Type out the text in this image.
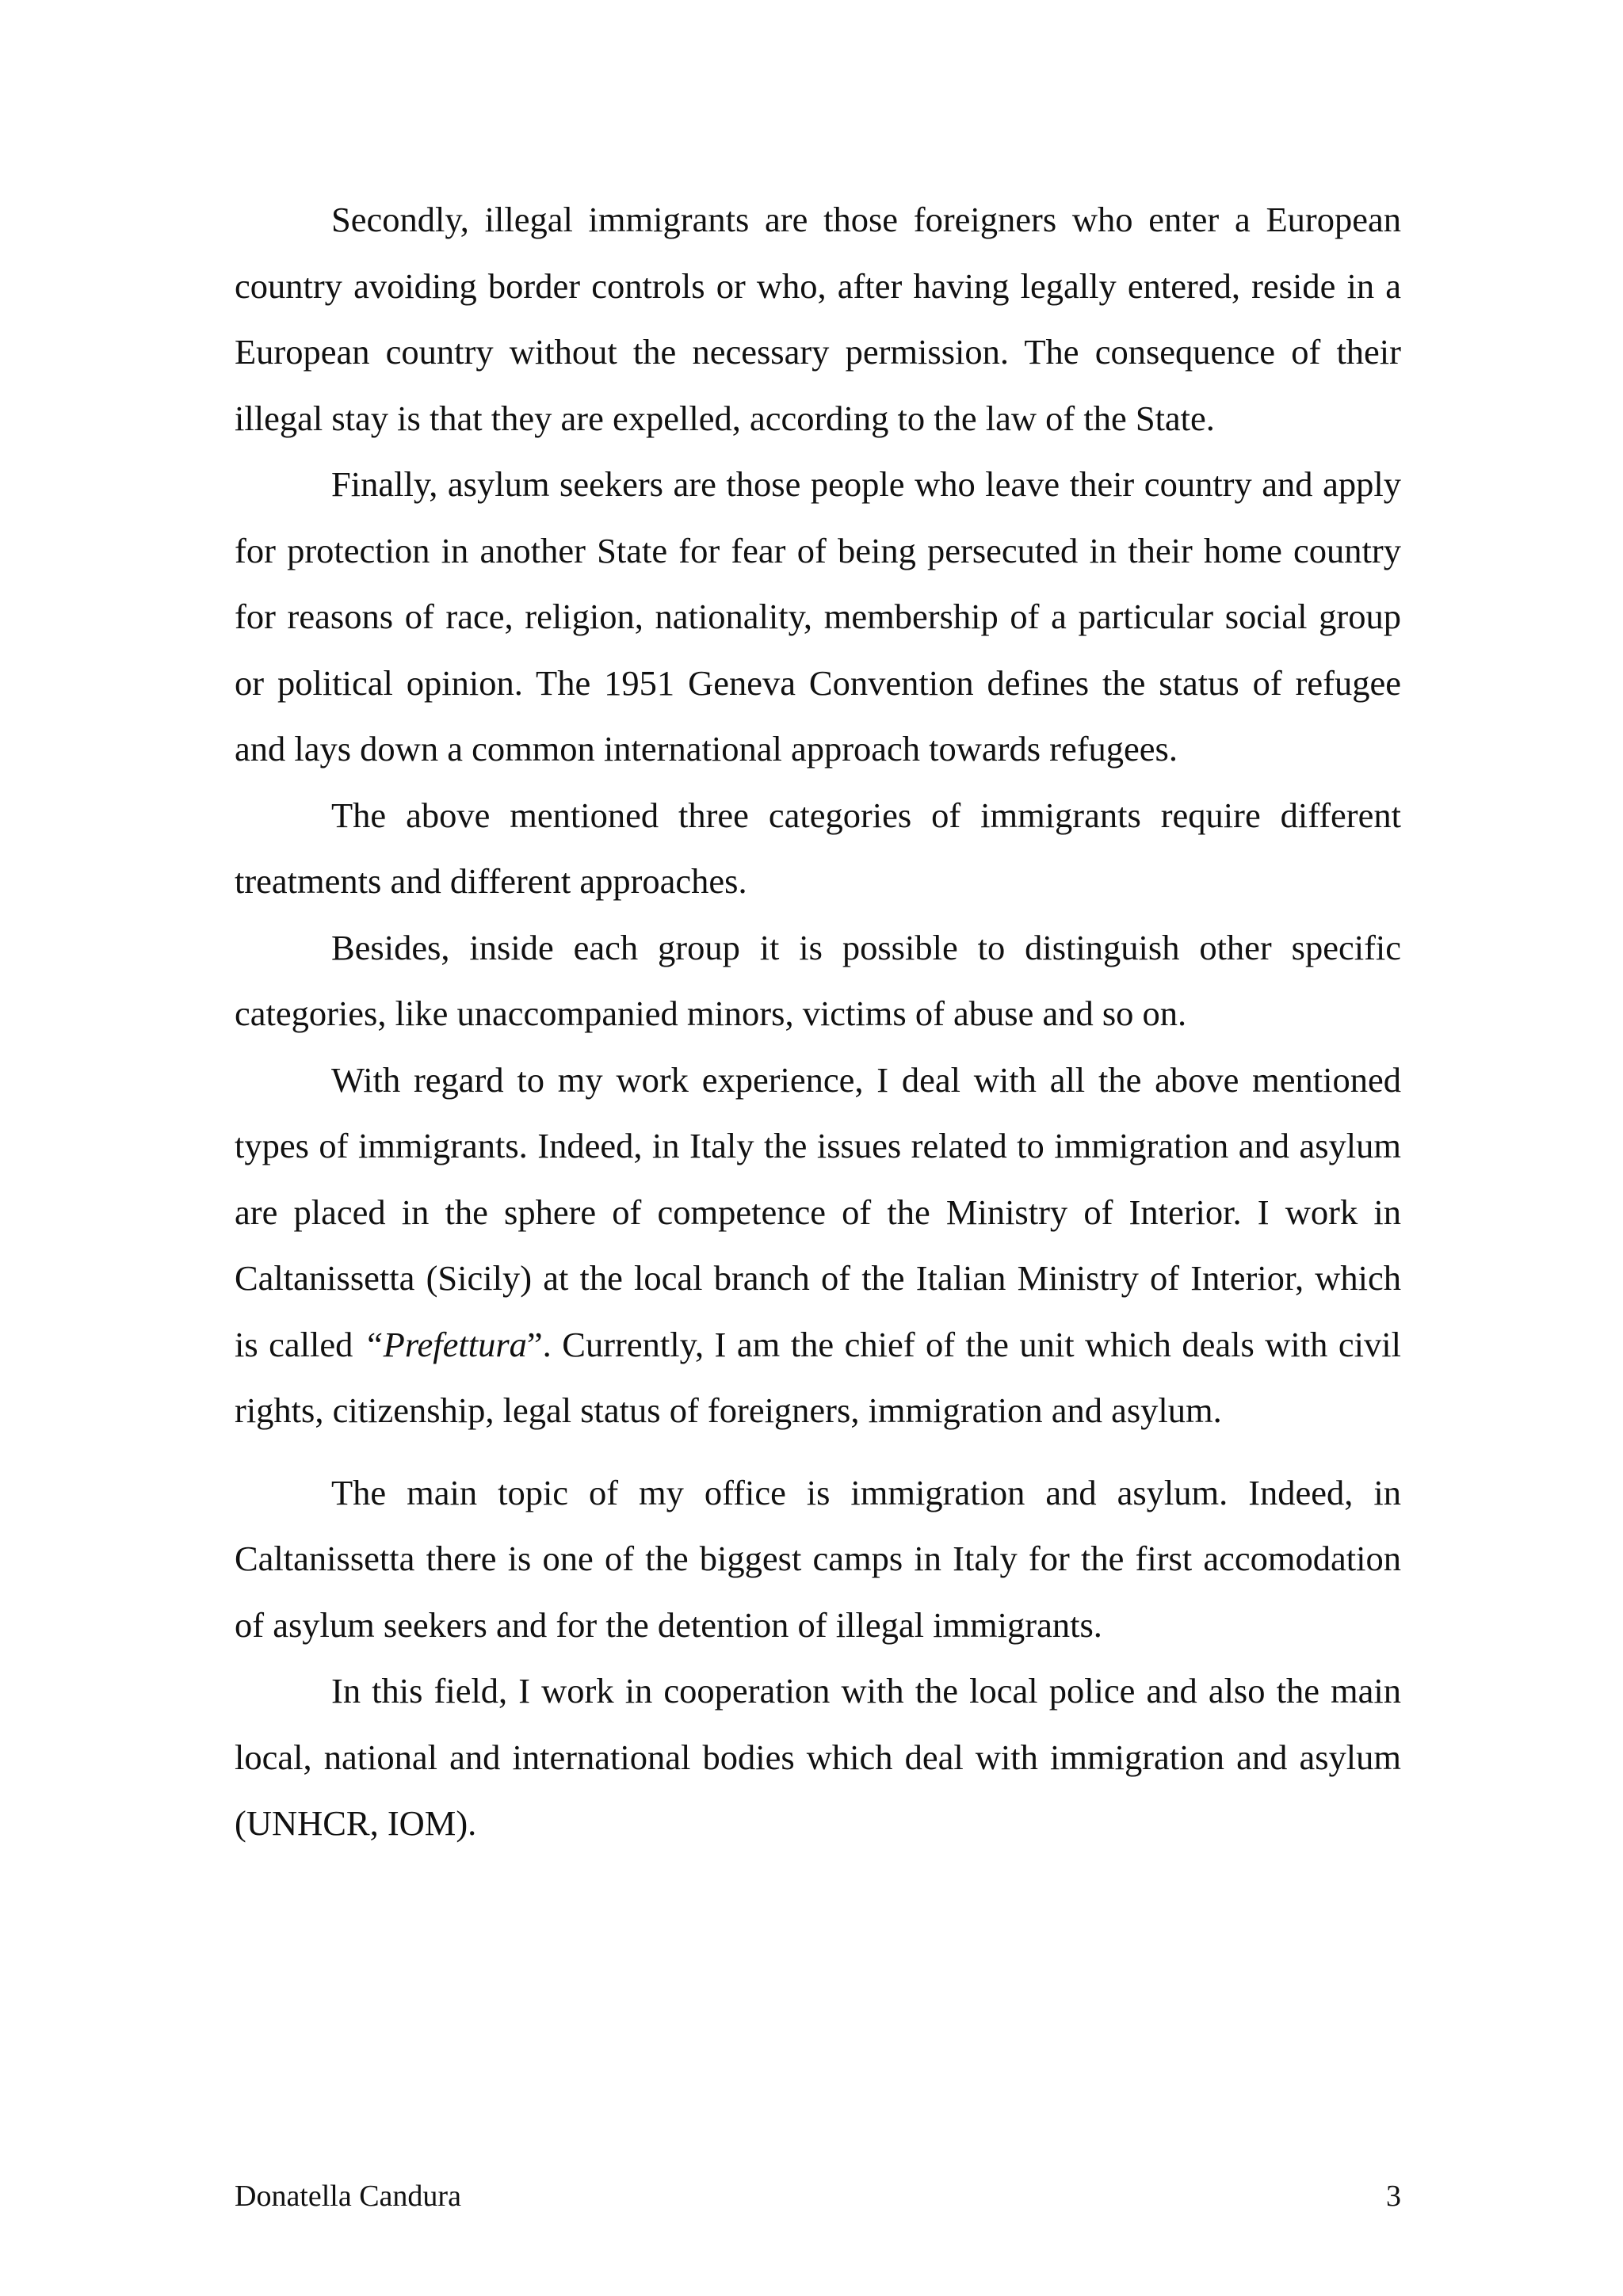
Secondly, illegal immigrants are those foreigners who enter a European country avoiding border controls or who, after having legally entered, reside in a European country without the necessary permission. The consequence of their illegal stay is that they are expelled, according to the law of the State.

Finally, asylum seekers are those people who leave their country and apply for protection in another State for fear of being persecuted in their home country for reasons of race, religion, nationality, membership of a particular social group or political opinion. The 1951 Geneva Convention defines the status of refugee and lays down a common international approach towards refugees.

The above mentioned three categories of immigrants require different treatments and different approaches.

Besides, inside each group it is possible to distinguish other specific categories, like unaccompanied minors, victims of abuse and so on.

With regard to my work experience, I deal with all the above mentioned types of immigrants. Indeed, in Italy the issues related to immigration and asylum are placed in the sphere of competence of the Ministry of Interior. I work in Caltanissetta (Sicily) at the local branch of the Italian Ministry of Interior, which is called “Prefettura”. Currently, I am the chief of the unit which deals with civil rights, citizenship, legal status of foreigners, immigration and asylum.

The main topic of my office is immigration and asylum. Indeed, in Caltanissetta there is one of the biggest camps in Italy for the first accomodation of asylum seekers and for the detention of illegal immigrants.

In this field, I work in cooperation with the local police and also the main local, national and international bodies which deal with immigration and asylum (UNHCR, IOM).

Donatella Candura	3
